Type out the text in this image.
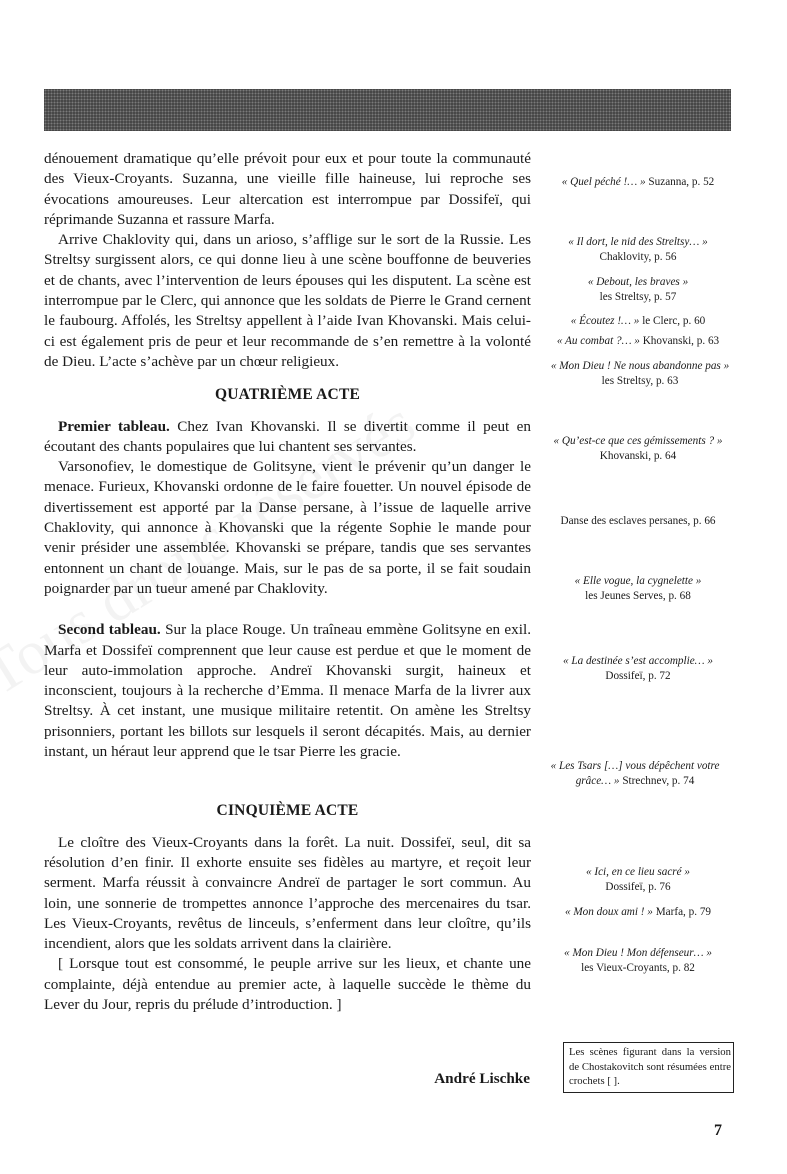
dénouement dramatique qu’elle prévoit pour eux et pour toute la communauté des Vieux-Croyants. Suzanna, une vieille fille haineuse, lui reproche ses évocations amoureuses. Leur altercation est interrompue par Dossifeï, qui réprimande Suzanna et rassure Marfa.

Arrive Chaklovity qui, dans un arioso, s’afflige sur le sort de la Russie. Les Streltsy surgissent alors, ce qui donne lieu à une scène bouffonne de beuveries et de chants, avec l’intervention de leurs épouses qui les disputent. La scène est interrompue par le Clerc, qui annonce que les soldats de Pierre le Grand cernent le faubourg. Affolés, les Streltsy appellent à l’aide Ivan Khovanski. Mais celui-ci est également pris de peur et leur recommande de s’en remettre à la volonté de Dieu. L’acte s’achève par un chœur religieux.

QUATRIÈME ACTE

Premier tableau. Chez Ivan Khovanski. Il se divertit comme il peut en écoutant des chants populaires que lui chantent ses servantes.

Varsonofiev, le domestique de Golitsyne, vient le prévenir qu’un danger le menace. Furieux, Khovanski ordonne de le faire fouetter. Un nouvel épisode de divertissement est apporté par la Danse persane, à l’issue de laquelle arrive Chaklovity, qui annonce à Khovanski que la régente Sophie le mande pour venir présider une assemblée. Khovanski se prépare, tandis que ses servantes entonnent un chant de louange. Mais, sur le pas de sa porte, il se fait soudain poignarder par un tueur amené par Chaklovity.

Second tableau. Sur la place Rouge. Un traîneau emmène Golitsyne en exil. Marfa et Dossifeï comprennent que leur cause est perdue et que le moment de leur auto-immolation approche. Andreï Khovanski surgit, haineux et inconscient, toujours à la recherche d’Emma. Il menace Marfa de la livrer aux Streltsy. À cet instant, une musique militaire retentit. On amène les Streltsy prisonniers, portant les billots sur lesquels il seront décapités. Mais, au dernier instant, un héraut leur apprend que le tsar Pierre les gracie.

CINQUIÈME ACTE

Le cloître des Vieux-Croyants dans la forêt. La nuit. Dossifeï, seul, dit sa résolution d’en finir. Il exhorte ensuite ses fidèles au martyre, et reçoit leur serment. Marfa réussit à convaincre Andreï de partager le sort commun. Au loin, une sonnerie de trompettes annonce l’approche des mercenaires du tsar. Les Vieux-Croyants, revêtus de linceuls, s’enferment dans leur cloître, qu’ils incendient, alors que les soldats arrivent dans la clairière.

[ Lorsque tout est consommé, le peuple arrive sur les lieux, et chante une complainte, déjà entendue au premier acte, à laquelle succède le thème du Lever du Jour, repris du prélude d’introduction. ]

André Lischke
« Quel péché !… » Suzanna, p. 52
« Il dort, le nid des Streltsy… »
Chaklovity, p. 56
« Debout, les braves »
les Streltsy, p. 57
« Écoutez !… » le Clerc, p. 60
« Au combat ?… » Khovanski, p. 63
« Mon Dieu ! Ne nous abandonne pas » les Streltsy, p. 63
« Qu’est-ce que ces gémissements ? »
Khovanski, p. 64
Danse des esclaves persanes, p. 66
« Elle vogue, la cygnelette »
les Jeunes Serves, p. 68
« La destinée s’est accomplie… »
Dossifeï, p. 72
« Les Tsars […] vous dépêchent votre grâce… » Strechnev, p. 74
« Ici, en ce lieu sacré »
Dossifeï, p. 76
« Mon doux ami ! » Marfa, p. 79
« Mon Dieu ! Mon défenseur… »
les Vieux-Croyants, p. 82
Les scènes figurant dans la version de Chostakovitch sont résumées entre crochets [ ].
7
